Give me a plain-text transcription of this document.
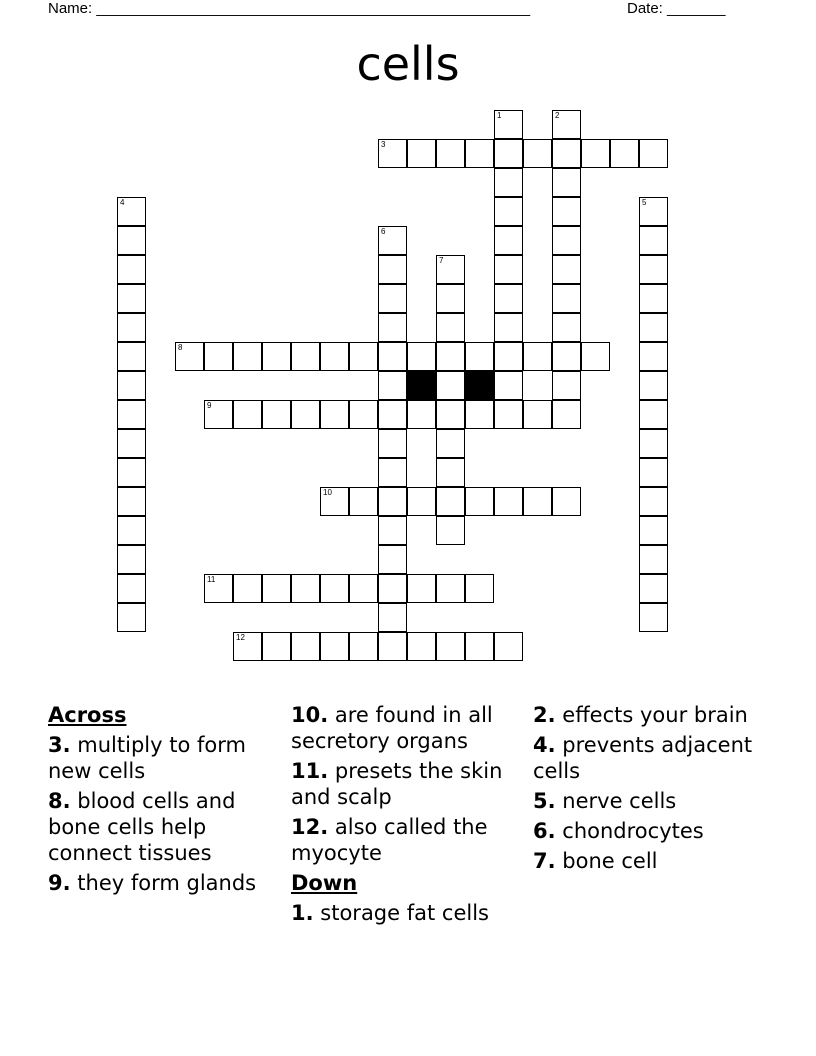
Name: ____________________________________________________	Date: _______
cells
3
8
9
10
11
12
1	2
4	5
6
7
Across
3. multiply to form new cells
8. blood cells and bone cells help connect tissues
9. they form glands
10. are found in all secretory organs
11. presets the skin and scalp
12. also called the myocyte
Down
1. storage fat cells
2. effects your brain
4. prevents adjacent cells
5. nerve cells
6. chondrocytes
7. bone cell
